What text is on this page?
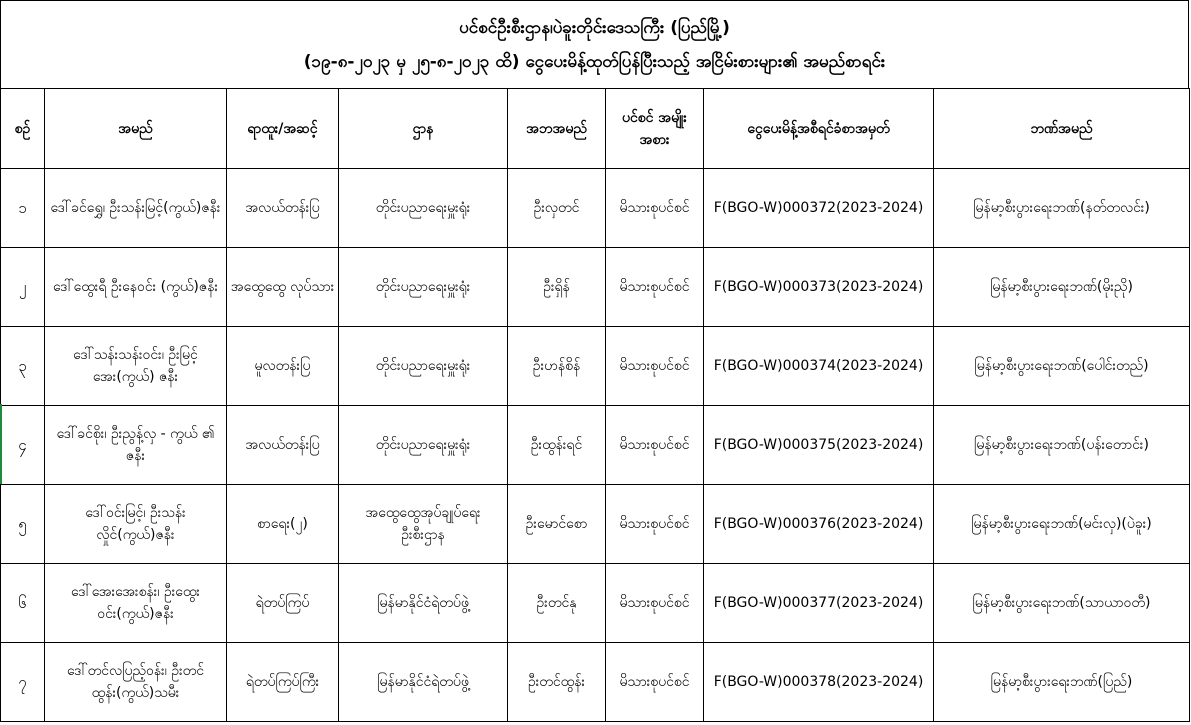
ပင်စင်ဦးစီးဌာန၊ပဲခူးတိုင်းဒေသကြီး (ပြည်မြို့)
(၁၉-၈-၂၀၂၃ မှ ၂၅-၈-၂၀၂၃ ထိ) ငွေပေးမိန့်ထုတ်ပြန်ပြီးသည့် အငြိမ်းစားများ၏ အမည်စာရင်း
စဉ်	အမည်	ရာထူး/အဆင့်	ဌာန	အဘအမည်	ပင်စင် အမျိုးအစား	ငွေပေးမိန့်အစီရင်ခံစာအမှတ်	ဘဏ်အမည်
၁	ဒေါ်ခင်ရွှေ၊ ဦးသန်းမြင့်(ကွယ်)ဇနီး	အလယ်တန်းပြ	တိုင်းပညာရေးမှူးရုံး	ဦးလှတင်	မိသားစုပင်စင်	F(BGO-W)000372(2023-2024)	မြန်မာ့စီးပွားရေးဘဏ်(နတ်တလင်း)
၂	ဒေါ်ထွေးရီ ဦးနေဝင်း (ကွယ်)ဇနီး	အထွေထွေ လုပ်သား	တိုင်းပညာရေးမှူးရုံး	ဦးရှိန်	မိသားစုပင်စင်	F(BGO-W)000373(2023-2024)	မြန်မာ့စီးပွားရေးဘဏ်(မိုးညို)
၃	ဒေါ်သန်းသန်းဝင်း၊ ဦးမြင့်အေး(ကွယ်) ဇနီး	မူလတန်းပြ	တိုင်းပညာရေးမှူးရုံး	ဦးဟန်စိန်	မိသားစုပင်စင်	F(BGO-W)000374(2023-2024)	မြန်မာ့စီးပွားရေးဘဏ်(ပေါင်းတည်)
၄	ဒေါ်ခင်စိုး၊ ဦးညွန့်လှ - ကွယ် ၏ ဇနီး	အလယ်တန်းပြ	တိုင်းပညာရေးမှူးရုံး	ဦးထွန်းရင်	မိသားစုပင်စင်	F(BGO-W)000375(2023-2024)	မြန်မာ့စီးပွားရေးဘဏ်(ပန်းတောင်း)
၅	ဒေါ်ဝင်းမြင့်၊ ဦးသန်းလှိုင်(ကွယ်)ဇနီး	စာရေး(၂)	အထွေထွေအုပ်ချုပ်ရေး ဦးစီးဌာန	ဦးမောင်စော	မိသားစုပင်စင်	F(BGO-W)000376(2023-2024)	မြန်မာ့စီးပွားရေးဘဏ်(မင်းလှ)(ပဲခူး)
၆	ဒေါ်အေးအေးစန်း၊ ဦးထွေးဝင်း(ကွယ်)ဇနီး	ရဲတပ်ကြပ်	မြန်မာနိုင်ငံရဲတပ်ဖွဲ့	ဦးတင်နု	မိသားစုပင်စင်	F(BGO-W)000377(2023-2024)	မြန်မာ့စီးပွားရေးဘဏ်(သာယာဝတီ)
၇	ဒေါ်တင်လပြည့်ဝန်း၊ ဦးတင်ထွန်း(ကွယ်)သမီး	ရဲတပ်ကြပ်ကြီး	မြန်မာနိုင်ငံရဲတပ်ဖွဲ့	ဦးတင်ထွန်း	မိသားစုပင်စင်	F(BGO-W)000378(2023-2024)	မြန်မာ့စီးပွားရေးဘဏ်(ပြည်)
